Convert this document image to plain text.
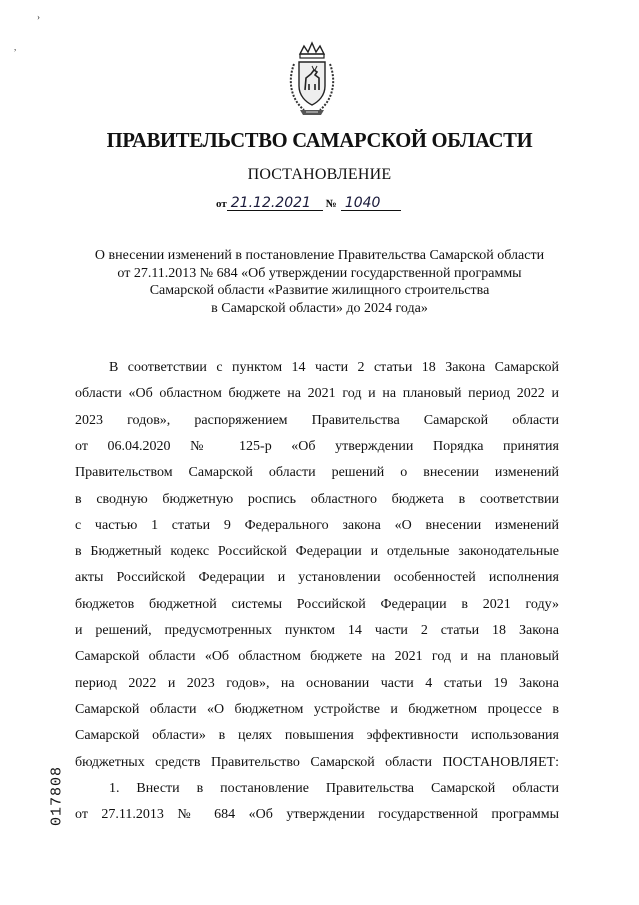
›
,
ПРАВИТЕЛЬСТВО САМАРСКОЙ ОБЛАСТИ
ПОСТАНОВЛЕНИЕ
от 21.12.2021 № 1040
О внесении изменений в постановление Правительства Самарской области
от 27.11.2013 № 684 «Об утверждении государственной программы
Самарской области «Развитие жилищного строительства
в Самарской области» до 2024 года»
В соответствии с пунктом 14 части 2 статьи 18 Закона Самарской
области «Об областном бюджете на 2021 год и на плановый период 2022 и
2023 годов», распоряжением Правительства Самарской области
от 06.04.2020 № 125-р «Об утверждении Порядка принятия
Правительством Самарской области решений о внесении изменений
в сводную бюджетную роспись областного бюджета в соответствии
с частью 1 статьи 9 Федерального закона «О внесении изменений
в Бюджетный кодекс Российской Федерации и отдельные законодательные
акты Российской Федерации и установлении особенностей исполнения
бюджетов бюджетной системы Российской Федерации в 2021 году»
и решений, предусмотренных пунктом 14 части 2 статьи 18 Закона
Самарской области «Об областном бюджете на 2021 год и на плановый
период 2022 и 2023 годов», на основании части 4 статьи 19 Закона
Самарской области «О бюджетном устройстве и бюджетном процессе в
Самарской области» в целях повышения эффективности использования
бюджетных средств Правительство Самарской области ПОСТАНОВЛЯЕТ:
1. Внести в постановление Правительства Самарской области
от 27.11.2013 № 684 «Об утверждении государственной программы
017808
